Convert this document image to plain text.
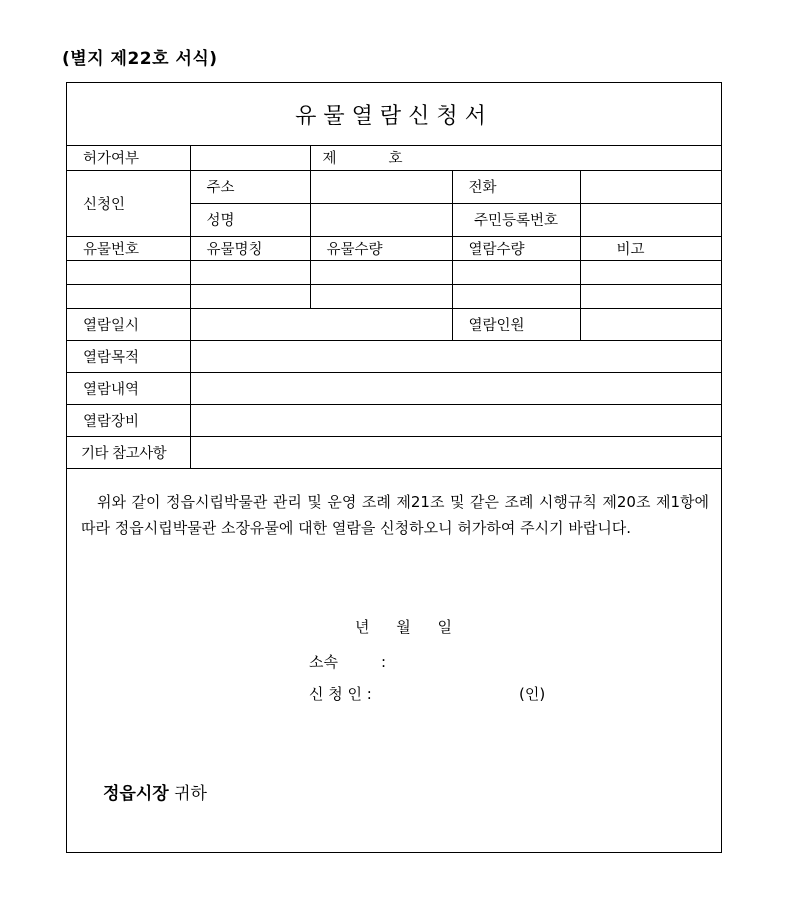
(별지 제22호 서식)
유물열람신청서
허가여부		제 호		
신청인	주소		전화	
	성명		주민등록번호	
유물번호	유물명칭	유물수량	열람수량	비고

열람일시			열람인원	
열람목적				
열람내역				
열람장비				
기타 참고사항				
위와 같이 정읍시립박물관 관리 및 운영 조례 제21조 및 같은 조례 시행규칙 제20조 제1항에 따라 정읍시립박물관 소장유물에 대한 열람을 신청하오니 허가하여 주시기 바랍니다.
년 월 일
소속	:
신 청 인 :	(인)
정읍시장 귀하
